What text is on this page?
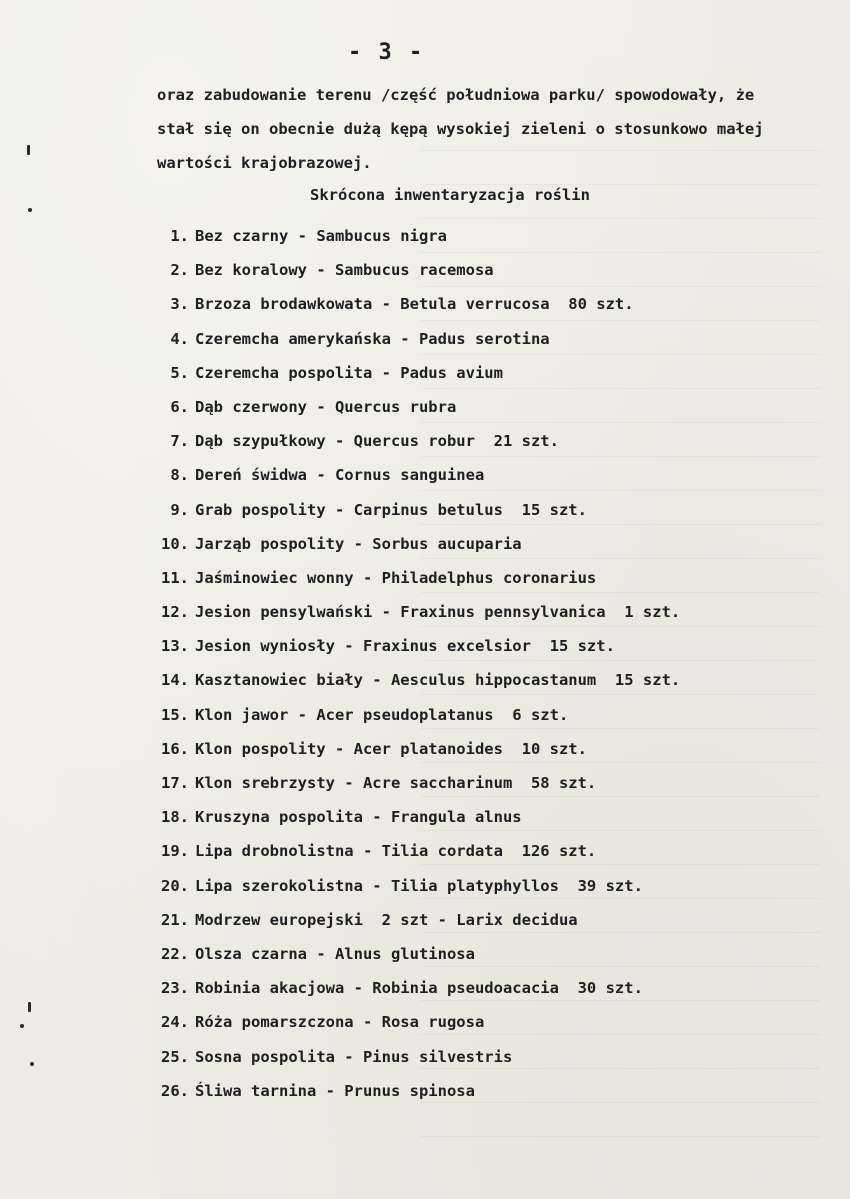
- 3 -
oraz zabudowanie terenu /część południowa parku/ spowodowały, że
stał się on obecnie dużą kępą wysokiej zieleni o stosunkowo małej
wartości krajobrazowej.
Skrócona inwentaryzacja roślin
1. Bez czarny - Sambucus nigra
2. Bez koralowy - Sambucus racemosa
3. Brzoza brodawkowata - Betula verrucosa  80 szt.
4. Czeremcha amerykańska - Padus serotina
5. Czeremcha pospolita - Padus avium
6. Dąb czerwony - Quercus rubra
7. Dąb szypułkowy - Quercus robur  21 szt.
8. Dereń świdwa - Cornus sanguinea
9. Grab pospolity - Carpinus betulus  15 szt.
10. Jarząb pospolity - Sorbus aucuparia
11. Jaśminowiec wonny - Philadelphus coronarius
12. Jesion pensylwański - Fraxinus pennsylvanica  1 szt.
13. Jesion wyniosły - Fraxinus excelsior  15 szt.
14. Kasztanowiec biały - Aesculus hippocastanum  15 szt.
15. Klon jawor - Acer pseudoplatanus  6 szt.
16. Klon pospolity - Acer platanoides  10 szt.
17. Klon srebrzysty - Acre saccharinum  58 szt.
18. Kruszyna pospolita - Frangula alnus
19. Lipa drobnolistna - Tilia cordata  126 szt.
20. Lipa szerokolistna - Tilia platyphyllos  39 szt.
21. Modrzew europejski  2 szt - Larix decidua
22. Olsza czarna - Alnus glutinosa
23. Robinia akacjowa - Robinia pseudoacacia  30 szt.
24. Róża pomarszczona - Rosa rugosa
25. Sosna pospolita - Pinus silvestris
26. Śliwa tarnina - Prunus spinosa
